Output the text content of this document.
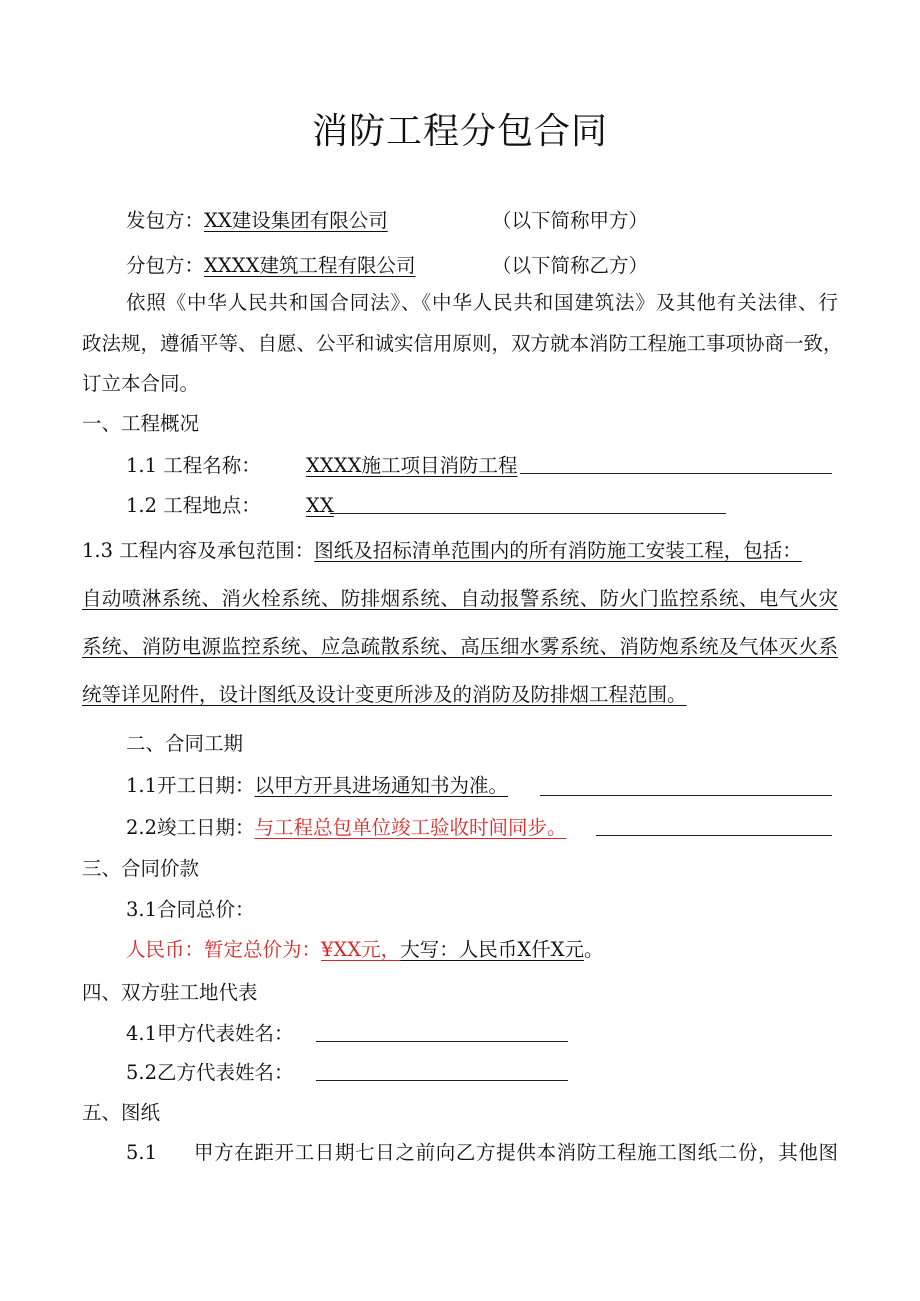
消防工程分包合同
发包方：XX建设集团有限公司	（以下简称甲方）
分包方：XXXX建筑工程有限公司	（以下简称乙方）
依照《中华人民共和国合同法》、《中华人民共和国建筑法》及其他有关法律、行
政法规，遵循平等、自愿、公平和诚实信用原则，双方就本消防工程施工事项协商一致，
订立本合同。
一、工程概况
1.1 工程名称： XXXX施工项目消防工程
1.2 工程地点： XX
1.3 工程内容及承包范围：图纸及招标清单范围内的所有消防施工安装工程，包括：
自动喷淋系统、消火栓系统、防排烟系统、自动报警系统、防火门监控系统、电气火灾
系统、消防电源监控系统、应急疏散系统、高压细水雾系统、消防炮系统及气体灭火系
统等详见附件，设计图纸及设计变更所涉及的消防及防排烟工程范围。
二、合同工期
1.1开工日期：以甲方开具进场通知书为准。
2.2竣工日期：与工程总包单位竣工验收时间同步。
三、合同价款
3.1合同总价：
人民币：暂定总价为：¥XX元，大写：人民币X仟X元。
四、双方驻工地代表
4.1甲方代表姓名：
5.2乙方代表姓名：
五、图纸
5.1 甲方在距开工日期七日之前向乙方提供本消防工程施工图纸二份，其他图
